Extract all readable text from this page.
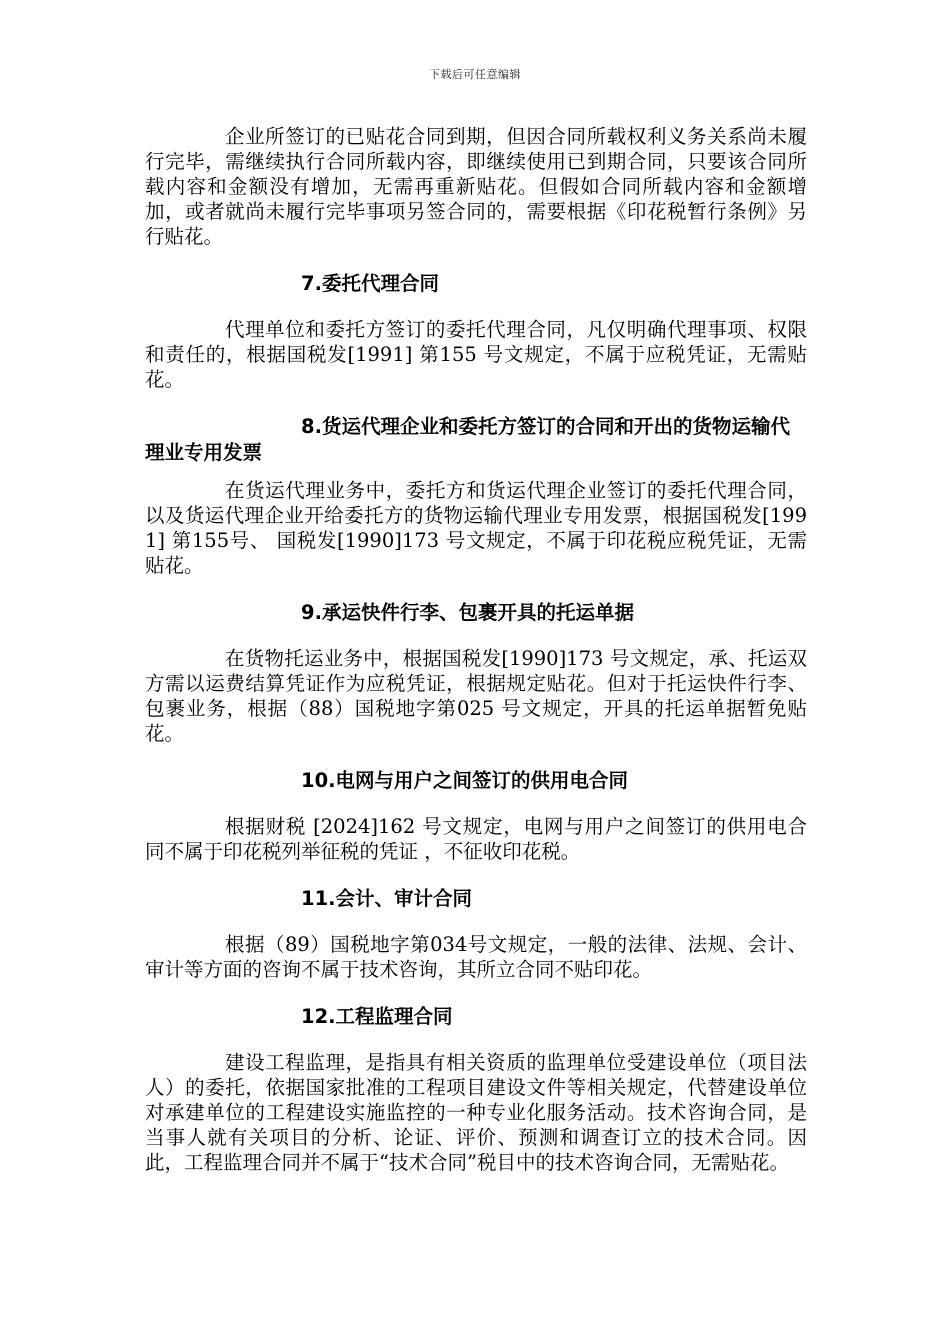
下载后可任意编辑

企业所签订的已贴花合同到期，但因合同所载权利义务关系尚未履行完毕，需继续执行合同所载内容，即继续使用已到期合同，只要该合同所载内容和金额没有增加，无需再重新贴花。但假如合同所载内容和金额增加，或者就尚未履行完毕事项另签合同的，需要根据《印花税暂行条例》另行贴花。

7.委托代理合同

代理单位和委托方签订的委托代理合同，凡仅明确代理事项、权限和责任的，根据国税发[1991] 第155 号文规定，不属于应税凭证，无需贴花。

8.货运代理企业和委托方签订的合同和开出的货物运输代理业专用发票

在货运代理业务中，委托方和货运代理企业签订的委托代理合同，以及货运代理企业开给委托方的货物运输代理业专用发票，根据国税发[1991] 第155号、 国税发[1990]173 号文规定，不属于印花税应税凭证，无需贴花。

9.承运快件行李、包裹开具的托运单据

在货物托运业务中，根据国税发[1990]173 号文规定，承、托运双方需以运费结算凭证作为应税凭证，根据规定贴花。但对于托运快件行李、包裹业务，根据（88）国税地字第025 号文规定，开具的托运单据暂免贴花。

10.电网与用户之间签订的供用电合同

根据财税 [2024]162 号文规定，电网与用户之间签订的供用电合同不属于印花税列举征税的凭证 ，不征收印花税。

11.会计、审计合同

根据（89）国税地字第034号文规定，一般的法律、法规、会计、审计等方面的咨询不属于技术咨询，其所立合同不贴印花。

12.工程监理合同

建设工程监理，是指具有相关资质的监理单位受建设单位（项目法人）的委托，依据国家批准的工程项目建设文件等相关规定，代替建设单位对承建单位的工程建设实施监控的一种专业化服务活动。技术咨询合同，是当事人就有关项目的分析、论证、评价、预测和调查订立的技术合同。因此，工程监理合同并不属于“技术合同”税目中的技术咨询合同，无需贴花。
